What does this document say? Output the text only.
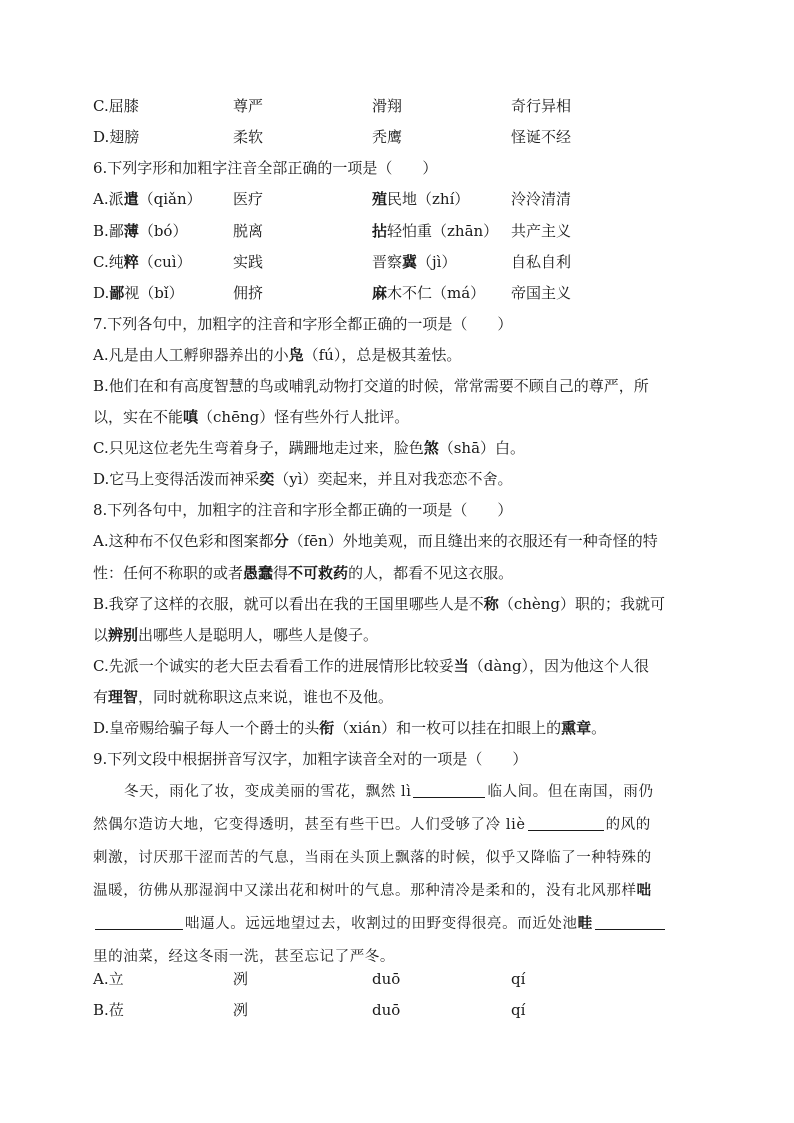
C.屈膝	尊严	滑翔	奇行异相
D.翅膀	柔软	秃鹰	怪诞不经
6.下列字形和加粗字注音全部正确的一项是（　　）
A.派遣（qiǎn） 医疗	殖民地（zhí）	泠泠清清
B.鄙薄（bó）	脱离	拈轻怕重（zhān） 共产主义
C.纯粹（cuì）	实践	晋察冀（jì）	自私自利
D.鄙视（bǐ）	佣挤	麻木不仁（má） 帝国主义
7.下列各句中，加粗字的注音和字形全都正确的一项是（　　）
A.凡是由人工孵卵器养出的小凫（fú），总是极其羞怯。
B.他们在和有高度智慧的鸟或哺乳动物打交道的时候，常常需要不顾自己的尊严，所
以，实在不能嗔（chēng）怪有些外行人批评。
C.只见这位老先生弯着身子，蹒跚地走过来，脸色煞（shā）白。
D.它马上变得活泼而神采奕（yì）奕起来，并且对我恋恋不舍。
8.下列各句中，加粗字的注音和字形全都正确的一项是（　　）
A.这种布不仅色彩和图案都分（fēn）外地美观，而且缝出来的衣服还有一种奇怪的特
性：任何不称职的或者愚蠢得不可救药的人，都看不见这衣服。
B.我穿了这样的衣服，就可以看出在我的王国里哪些人是不称（chèng）职的；我就可
以辨别出哪些人是聪明人，哪些人是傻子。
C.先派一个诚实的老大臣去看看工作的进展情形比较妥当（dàng），因为他这个人很
有理智，同时就称职这点来说，谁也不及他。
D.皇帝赐给骗子每人一个爵士的头衔（xián）和一枚可以挂在扣眼上的熏章。
9.下列文段中根据拼音写汉字，加粗字读音全对的一项是（　　）
冬天，雨化了妆，变成美丽的雪花，飘然 lì	临人间。但在南国，雨仍
然偶尔造访大地，它变得透明，甚至有些干巴。人们受够了冷 liè	的风的
刺激，讨厌那干涩而苦的气息，当雨在头顶上飘落的时候，似乎又降临了一种特殊的
温暖，彷佛从那湿润中又漾出花和树叶的气息。那种清冷是柔和的，没有北风那样咄
咄逼人。远远地望过去，收割过的田野变得很亮。而近处池畦
里的油菜，经这冬雨一洗，甚至忘记了严冬。
A.立	冽	duō	qí
B.莅	冽	duō	qí
